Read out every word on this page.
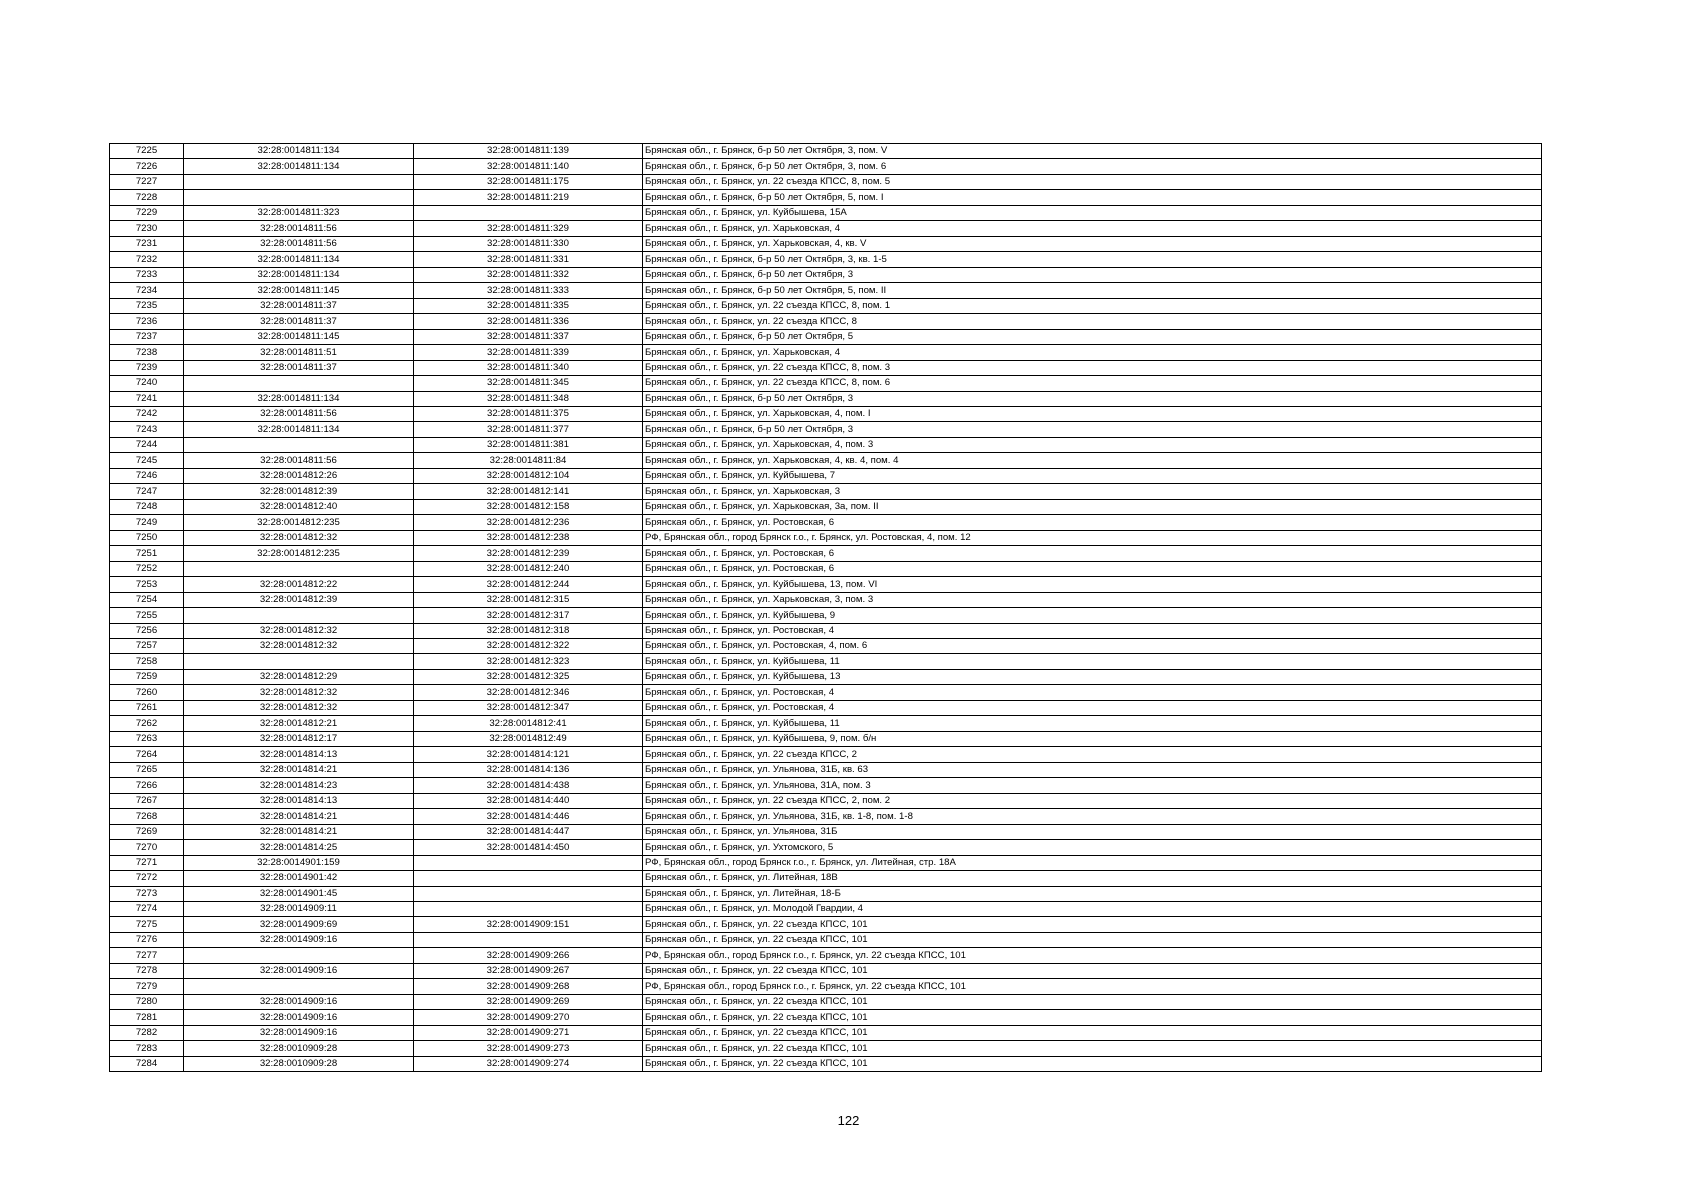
7225	32:28:0014811:134	32:28:0014811:139	Брянская обл., г. Брянск, б-р 50 лет Октября, 3, пом. V
7226	32:28:0014811:134	32:28:0014811:140	Брянская обл., г. Брянск, б-р 50 лет Октября, 3, пом. 6
7227		32:28:0014811:175	Брянская обл., г. Брянск, ул. 22 съезда КПСС, 8, пом. 5
7228		32:28:0014811:219	Брянская обл., г. Брянск, б-р 50 лет Октября, 5, пом. I
7229	32:28:0014811:323		Брянская обл., г. Брянск, ул. Куйбышева, 15А
7230	32:28:0014811:56	32:28:0014811:329	Брянская обл., г. Брянск, ул. Харьковская, 4
7231	32:28:0014811:56	32:28:0014811:330	Брянская обл., г. Брянск, ул. Харьковская, 4, кв. V
7232	32:28:0014811:134	32:28:0014811:331	Брянская обл., г. Брянск, б-р 50 лет Октября, 3, кв. 1-5
7233	32:28:0014811:134	32:28:0014811:332	Брянская обл., г. Брянск, б-р 50 лет Октября, 3
7234	32:28:0014811:145	32:28:0014811:333	Брянская обл., г. Брянск, б-р 50 лет Октября, 5, пом. II
7235	32:28:0014811:37	32:28:0014811:335	Брянская обл., г. Брянск, ул. 22 съезда КПСС, 8, пом. 1
7236	32:28:0014811:37	32:28:0014811:336	Брянская обл., г. Брянск, ул. 22 съезда КПСС, 8
7237	32:28:0014811:145	32:28:0014811:337	Брянская обл., г. Брянск, б-р 50 лет Октября, 5
7238	32:28:0014811:51	32:28:0014811:339	Брянская обл., г. Брянск, ул. Харьковская, 4
7239	32:28:0014811:37	32:28:0014811:340	Брянская обл., г. Брянск, ул. 22 съезда КПСС, 8, пом. 3
7240		32:28:0014811:345	Брянская обл., г. Брянск, ул. 22 съезда КПСС, 8, пом. 6
7241	32:28:0014811:134	32:28:0014811:348	Брянская обл., г. Брянск, б-р 50 лет Октября, 3
7242	32:28:0014811:56	32:28:0014811:375	Брянская обл., г. Брянск, ул. Харьковская, 4, пом. I
7243	32:28:0014811:134	32:28:0014811:377	Брянская обл., г. Брянск, б-р 50 лет Октября, 3
7244		32:28:0014811:381	Брянская обл., г. Брянск, ул. Харьковская, 4, пом. 3
7245	32:28:0014811:56	32:28:0014811:84	Брянская обл., г. Брянск, ул. Харьковская, 4, кв. 4, пом. 4
7246	32:28:0014812:26	32:28:0014812:104	Брянская обл., г. Брянск, ул. Куйбышева, 7
7247	32:28:0014812:39	32:28:0014812:141	Брянская обл., г. Брянск, ул. Харьковская, 3
7248	32:28:0014812:40	32:28:0014812:158	Брянская обл., г. Брянск, ул. Харьковская, 3а, пом. II
7249	32:28:0014812:235	32:28:0014812:236	Брянская обл., г. Брянск, ул. Ростовская, 6
7250	32:28:0014812:32	32:28:0014812:238	РФ, Брянская обл., город Брянск г.о., г. Брянск, ул. Ростовская, 4, пом. 12
7251	32:28:0014812:235	32:28:0014812:239	Брянская обл., г. Брянск, ул. Ростовская, 6
7252		32:28:0014812:240	Брянская обл., г. Брянск, ул. Ростовская, 6
7253	32:28:0014812:22	32:28:0014812:244	Брянская обл., г. Брянск, ул. Куйбышева, 13, пом. VI
7254	32:28:0014812:39	32:28:0014812:315	Брянская обл., г. Брянск, ул. Харьковская, 3, пом. 3
7255		32:28:0014812:317	Брянская обл., г. Брянск, ул. Куйбышева, 9
7256	32:28:0014812:32	32:28:0014812:318	Брянская обл., г. Брянск, ул. Ростовская, 4
7257	32:28:0014812:32	32:28:0014812:322	Брянская обл., г. Брянск, ул. Ростовская, 4, пом. 6
7258		32:28:0014812:323	Брянская обл., г. Брянск, ул. Куйбышева, 11
7259	32:28:0014812:29	32:28:0014812:325	Брянская обл., г. Брянск, ул. Куйбышева, 13
7260	32:28:0014812:32	32:28:0014812:346	Брянская обл., г. Брянск, ул. Ростовская, 4
7261	32:28:0014812:32	32:28:0014812:347	Брянская обл., г. Брянск, ул. Ростовская, 4
7262	32:28:0014812:21	32:28:0014812:41	Брянская обл., г. Брянск, ул. Куйбышева, 11
7263	32:28:0014812:17	32:28:0014812:49	Брянская обл., г. Брянск, ул. Куйбышева, 9, пом. б/н
7264	32:28:0014814:13	32:28:0014814:121	Брянская обл., г. Брянск, ул. 22 съезда КПСС, 2
7265	32:28:0014814:21	32:28:0014814:136	Брянская обл., г. Брянск, ул. Ульянова, 31Б, кв. 63
7266	32:28:0014814:23	32:28:0014814:438	Брянская обл., г. Брянск, ул. Ульянова, 31А, пом. 3
7267	32:28:0014814:13	32:28:0014814:440	Брянская обл., г. Брянск, ул. 22 съезда КПСС, 2, пом. 2
7268	32:28:0014814:21	32:28:0014814:446	Брянская обл., г. Брянск, ул. Ульянова, 31Б, кв. 1-8, пом. 1-8
7269	32:28:0014814:21	32:28:0014814:447	Брянская обл., г. Брянск, ул. Ульянова, 31Б
7270	32:28:0014814:25	32:28:0014814:450	Брянская обл., г. Брянск, ул. Ухтомского, 5
7271	32:28:0014901:159		РФ, Брянская обл., город Брянск г.о., г. Брянск, ул. Литейная, стр. 18А
7272	32:28:0014901:42		Брянская обл., г. Брянск, ул. Литейная, 18В
7273	32:28:0014901:45		Брянская обл., г. Брянск, ул. Литейная, 18-Б
7274	32:28:0014909:11		Брянская обл., г. Брянск, ул. Молодой Гвардии, 4
7275	32:28:0014909:69	32:28:0014909:151	Брянская обл., г. Брянск, ул. 22 съезда КПСС, 101
7276	32:28:0014909:16		Брянская обл., г. Брянск, ул. 22 съезда КПСС, 101
7277		32:28:0014909:266	РФ, Брянская обл., город Брянск г.о., г. Брянск, ул. 22 съезда КПСС, 101
7278	32:28:0014909:16	32:28:0014909:267	Брянская обл., г. Брянск, ул. 22 съезда КПСС, 101
7279		32:28:0014909:268	РФ, Брянская обл., город Брянск г.о., г. Брянск, ул. 22 съезда КПСС, 101
7280	32:28:0014909:16	32:28:0014909:269	Брянская обл., г. Брянск, ул. 22 съезда КПСС, 101
7281	32:28:0014909:16	32:28:0014909:270	Брянская обл., г. Брянск, ул. 22 съезда КПСС, 101
7282	32:28:0014909:16	32:28:0014909:271	Брянская обл., г. Брянск, ул. 22 съезда КПСС, 101
7283	32:28:0010909:28	32:28:0014909:273	Брянская обл., г. Брянск, ул. 22 съезда КПСС, 101
7284	32:28:0010909:28	32:28:0014909:274	Брянская обл., г. Брянск, ул. 22 съезда КПСС, 101
122
